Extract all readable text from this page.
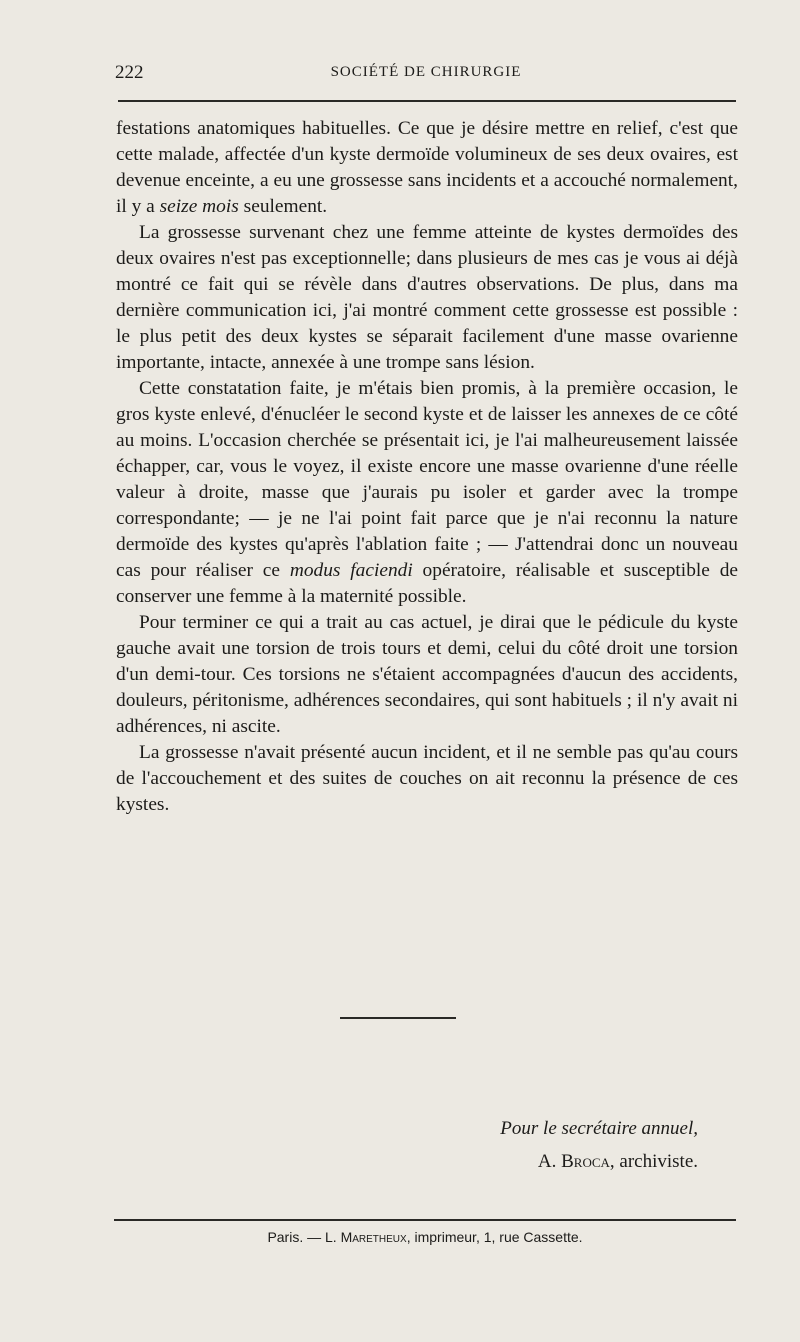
222	SOCIÉTÉ DE CHIRURGIE

festations anatomiques habituelles. Ce que je désire mettre en relief, c'est que cette malade, affectée d'un kyste dermoïde volumineux de ses deux ovaires, est devenue enceinte, a eu une grossesse sans incidents et a accouché normalement, il y a seize mois seulement.

La grossesse survenant chez une femme atteinte de kystes dermoïdes des deux ovaires n'est pas exceptionnelle; dans plusieurs de mes cas je vous ai déjà montré ce fait qui se révèle dans d'autres observations. De plus, dans ma dernière communication ici, j'ai montré comment cette grossesse est possible : le plus petit des deux kystes se séparait facilement d'une masse ovarienne importante, intacte, annexée à une trompe sans lésion.

Cette constatation faite, je m'étais bien promis, à la première occasion, le gros kyste enlevé, d'énucléer le second kyste et de laisser les annexes de ce côté au moins. L'occasion cherchée se présentait ici, je l'ai malheureusement laissée échapper, car, vous le voyez, il existe encore une masse ovarienne d'une réelle valeur à droite, masse que j'aurais pu isoler et garder avec la trompe correspondante; — je ne l'ai point fait parce que je n'ai reconnu la nature dermoïde des kystes qu'après l'ablation faite ; — J'attendrai donc un nouveau cas pour réaliser ce modus faciendi opératoire, réalisable et susceptible de conserver une femme à la maternité possible.

Pour terminer ce qui a trait au cas actuel, je dirai que le pédicule du kyste gauche avait une torsion de trois tours et demi, celui du côté droit une torsion d'un demi-tour. Ces torsions ne s'étaient accompagnées d'aucun des accidents, douleurs, péritonisme, adhérences secondaires, qui sont habituels ; il n'y avait ni adhérences, ni ascite.

La grossesse n'avait présenté aucun incident, et il ne semble pas qu'au cours de l'accouchement et des suites de couches on ait reconnu la présence de ces kystes.

Pour le secrétaire annuel,
A. Broca, archiviste.
Paris. — L. Maretheux, imprimeur, 1, rue Cassette.
